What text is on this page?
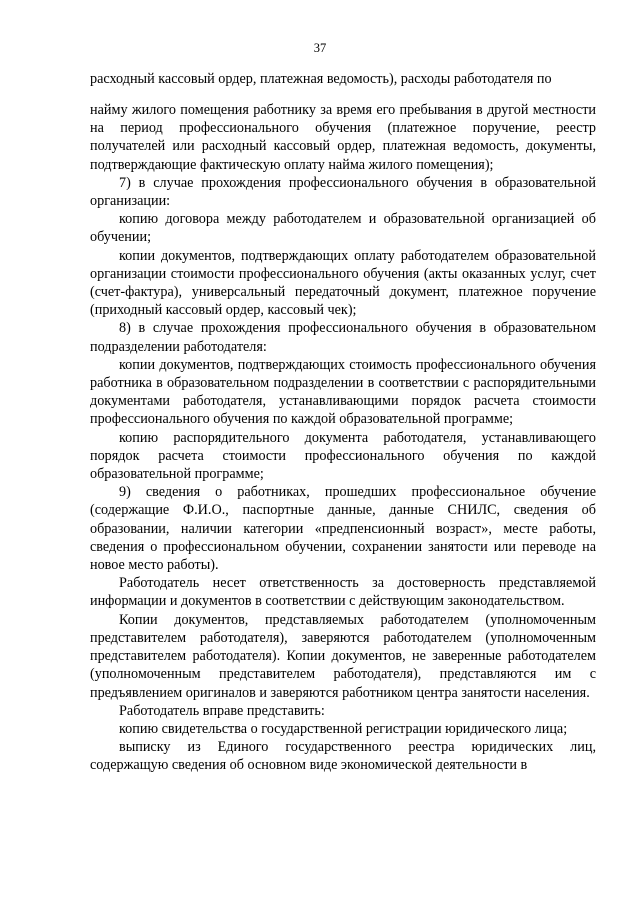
37
расходный кассовый ордер, платежная ведомость), расходы работодателя по

найму жилого помещения работнику за время его пребывания в другой местности на период профессионального обучения (платежное поручение, реестр получателей или расходный кассовый ордер, платежная ведомость, документы, подтверждающие фактическую оплату найма жилого помещения);

7) в случае прохождения профессионального обучения в образовательной организации:

копию договора между работодателем и образовательной организацией об обучении;

копии документов, подтверждающих оплату работодателем образовательной организации стоимости профессионального обучения (акты оказанных услуг, счет (счет-фактура), универсальный передаточный документ, платежное поручение (приходный кассовый ордер, кассовый чек);

8) в случае прохождения профессионального обучения в образовательном подразделении работодателя:

копии документов, подтверждающих стоимость профессионального обучения работника в образовательном подразделении в соответствии с распорядительными документами работодателя, устанавливающими порядок расчета стоимости профессионального обучения по каждой образовательной программе;

копию распорядительного документа работодателя, устанавливающего порядок расчета стоимости профессионального обучения по каждой образовательной программе;

9) сведения о работниках, прошедших профессиональное обучение (содержащие Ф.И.О., паспортные данные, данные СНИЛС, сведения об образовании, наличии категории «предпенсионный возраст», месте работы, сведения о профессиональном обучении, сохранении занятости или переводе на новое место работы).

Работодатель несет ответственность за достоверность представляемой информации и документов в соответствии с действующим законодательством.

Копии документов, представляемых работодателем (уполномоченным представителем работодателя), заверяются работодателем (уполномоченным представителем работодателя). Копии документов, не заверенные работодателем (уполномоченным представителем работодателя), представляются им с предъявлением оригиналов и заверяются работником центра занятости населения.

Работодатель вправе представить:

копию свидетельства о государственной регистрации юридического лица;

выписку из Единого государственного реестра юридических лиц, содержащую сведения об основном виде экономической деятельности в
